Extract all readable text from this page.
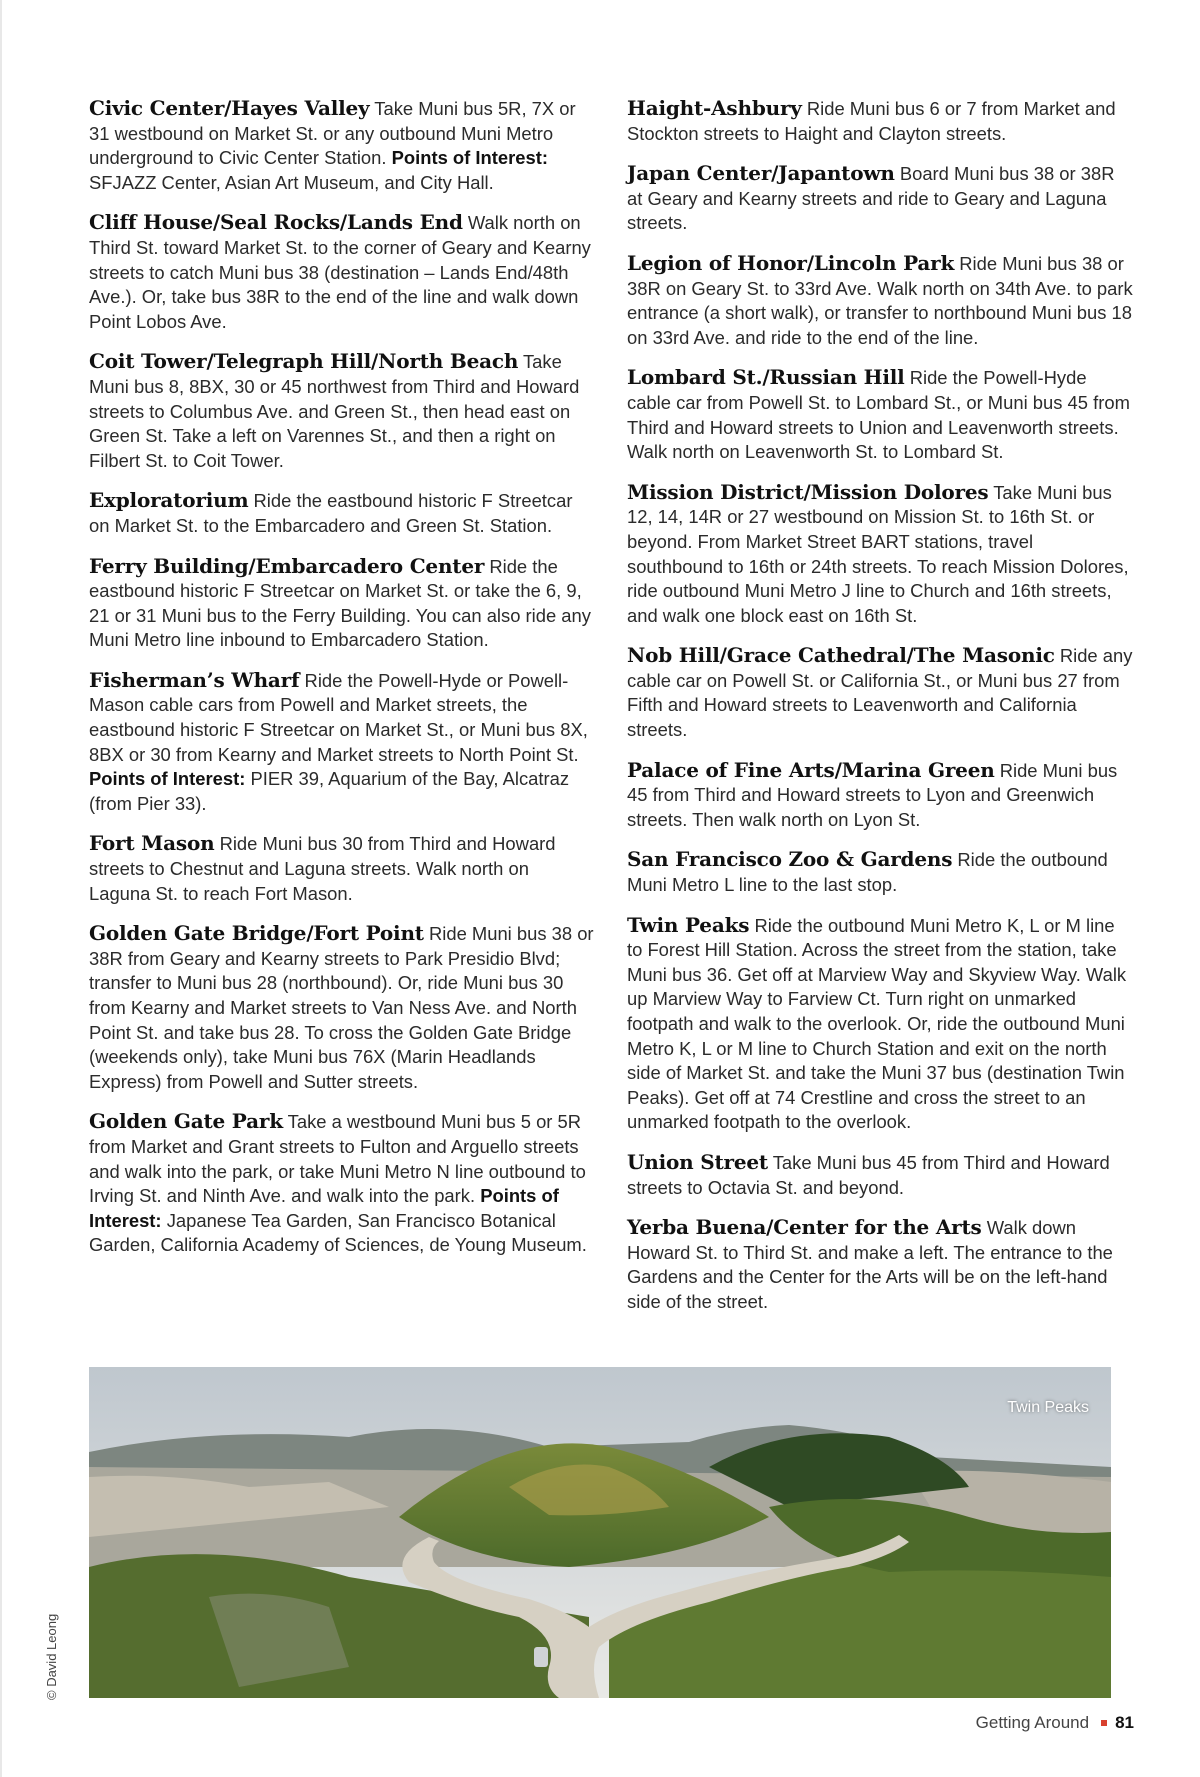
Civic Center/Hayes Valley Take Muni bus 5R, 7X or 31 westbound on Market St. or any outbound Muni Metro underground to Civic Center Station. Points of Interest: SFJAZZ Center, Asian Art Museum, and City Hall.

Cliff House/Seal Rocks/Lands End Walk north on Third St. toward Market St. to the corner of Geary and Kearny streets to catch Muni bus 38 (destination – Lands End/48th Ave.). Or, take bus 38R to the end of the line and walk down Point Lobos Ave.

Coit Tower/Telegraph Hill/North Beach Take Muni bus 8, 8BX, 30 or 45 northwest from Third and Howard streets to Columbus Ave. and Green St., then head east on Green St. Take a left on Varennes St., and then a right on Filbert St. to Coit Tower.

Exploratorium Ride the eastbound historic F Streetcar on Market St. to the Embarcadero and Green St. Station.

Ferry Building/Embarcadero Center Ride the eastbound historic F Streetcar on Market St. or take the 6, 9, 21 or 31 Muni bus to the Ferry Building. You can also ride any Muni Metro line inbound to Embarcadero Station.

Fisherman’s Wharf Ride the Powell-Hyde or Powell-Mason cable cars from Powell and Market streets, the eastbound historic F Streetcar on Market St., or Muni bus 8X, 8BX or 30 from Kearny and Market streets to North Point St. Points of Interest: PIER 39, Aquarium of the Bay, Alcatraz (from Pier 33).

Fort Mason Ride Muni bus 30 from Third and Howard streets to Chestnut and Laguna streets. Walk north on Laguna St. to reach Fort Mason.

Golden Gate Bridge/Fort Point Ride Muni bus 38 or 38R from Geary and Kearny streets to Park Presidio Blvd; transfer to Muni bus 28 (northbound). Or, ride Muni bus 30 from Kearny and Market streets to Van Ness Ave. and North Point St. and take bus 28. To cross the Golden Gate Bridge (weekends only), take Muni bus 76X (Marin Headlands Express) from Powell and Sutter streets.

Golden Gate Park Take a westbound Muni bus 5 or 5R from Market and Grant streets to Fulton and Arguello streets and walk into the park, or take Muni Metro N line outbound to Irving St. and Ninth Ave. and walk into the park. Points of Interest: Japanese Tea Garden, San Francisco Botanical Garden, California Academy of Sciences, de Young Museum.

Haight-Ashbury Ride Muni bus 6 or 7 from Market and Stockton streets to Haight and Clayton streets.

Japan Center/Japantown Board Muni bus 38 or 38R at Geary and Kearny streets and ride to Geary and Laguna streets.

Legion of Honor/Lincoln Park Ride Muni bus 38 or 38R on Geary St. to 33rd Ave. Walk north on 34th Ave. to park entrance (a short walk), or transfer to northbound Muni bus 18 on 33rd Ave. and ride to the end of the line.

Lombard St./Russian Hill Ride the Powell-Hyde cable car from Powell St. to Lombard St., or Muni bus 45 from Third and Howard streets to Union and Leavenworth streets. Walk north on Leavenworth St. to Lombard St.

Mission District/Mission Dolores Take Muni bus 12, 14, 14R or 27 westbound on Mission St. to 16th St. or beyond. From Market Street BART stations, travel southbound to 16th or 24th streets. To reach Mission Dolores, ride outbound Muni Metro J line to Church and 16th streets, and walk one block east on 16th St.

Nob Hill/Grace Cathedral/The Masonic Ride any cable car on Powell St. or California St., or Muni bus 27 from Fifth and Howard streets to Leavenworth and California streets.

Palace of Fine Arts/Marina Green Ride Muni bus 45 from Third and Howard streets to Lyon and Greenwich streets. Then walk north on Lyon St.

San Francisco Zoo & Gardens Ride the outbound Muni Metro L line to the last stop.

Twin Peaks Ride the outbound Muni Metro K, L or M line to Forest Hill Station. Across the street from the station, take Muni bus 36. Get off at Marview Way and Skyview Way. Walk up Marview Way to Farview Ct. Turn right on unmarked footpath and walk to the overlook. Or, ride the outbound Muni Metro K, L or M line to Church Station and exit on the north side of Market St. and take the Muni 37 bus (destination Twin Peaks). Get off at 74 Crestline and cross the street to an unmarked footpath to the overlook.

Union Street Take Muni bus 45 from Third and Howard streets to Octavia St. and beyond.

Yerba Buena/Center for the Arts Walk down Howard St. to Third St. and make a left. The entrance to the Gardens and the Center for the Arts will be on the left-hand side of the street.

Twin Peaks
© David Leong
Getting Around 81
